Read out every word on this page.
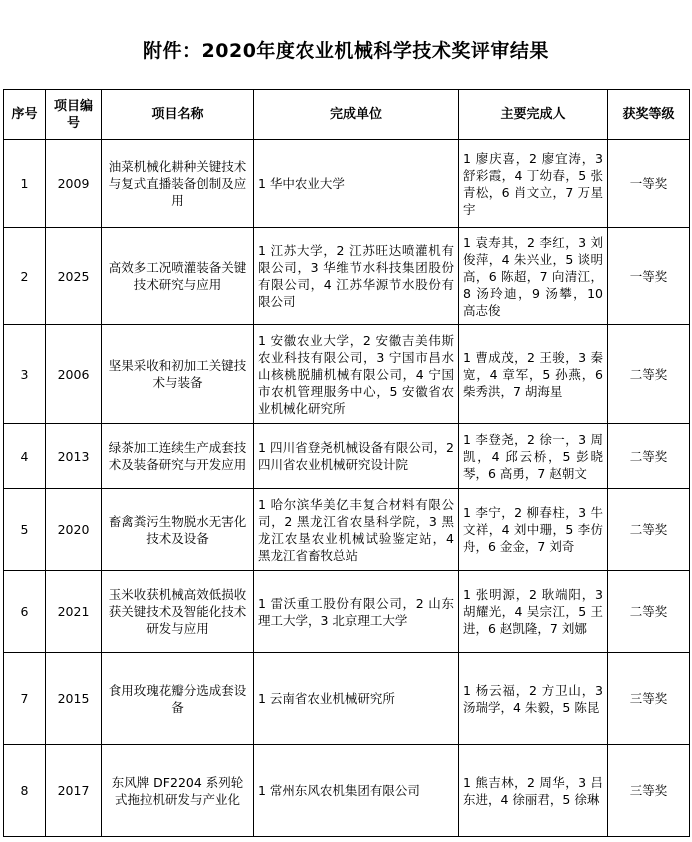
附件：2020年度农业机械科学技术奖评审结果
序号	项目编号	项目名称	完成单位	主要完成人	获奖等级
1	2009	油菜机械化耕种关键技术与复式直播装备创制及应用	1 华中农业大学	1 廖庆喜，2 廖宜涛，3 舒彩霞，4 丁幼春，5 张青松，6 肖文立，7 万星宇	一等奖
2	2025	高效多工况喷灌装备关键技术研究与应用	1 江苏大学，2 江苏旺达喷灌机有限公司，3 华维节水科技集团股份有限公司，4 江苏华源节水股份有限公司	1 袁寿其，2 李红，3 刘俊萍，4 朱兴业，5 谈明高，6 陈超，7 向清江，8 汤玲迪，9 汤攀，10 高志俊	一等奖
3	2006	坚果采收和初加工关键技术与装备	1 安徽农业大学，2 安徽吉美伟斯农业科技有限公司，3 宁国市昌水山核桃脱脯机械有限公司，4 宁国市农机管理服务中心，5 安徽省农业机械化研究所	1 曹成茂，2 王骏，3 秦宽，4 章军，5 孙燕，6 柴秀洪，7 胡海星	二等奖
4	2013	绿茶加工连续生产成套技术及装备研究与开发应用	1 四川省登尧机械设备有限公司，2 四川省农业机械研究设计院	1 李登尧，2 徐一，3 周凯，4 邱云桥，5 彭晓琴，6 高勇，7 赵朝文	二等奖
5	2020	畜禽粪污生物脱水无害化技术及设备	1 哈尔滨华美亿丰复合材料有限公司，2 黑龙江省农垦科学院，3 黑龙江农垦农业机械试验鉴定站，4 黑龙江省畜牧总站	1 李宁，2 柳春柱，3 牛文祥，4 刘中珊，5 李仿舟，6 金金，7 刘奇	二等奖
6	2021	玉米收获机械高效低损收获关键技术及智能化技术研发与应用	1 雷沃重工股份有限公司，2 山东理工大学，3 北京理工大学	1 张明源，2 耿端阳，3 胡耀光，4 吴宗江，5 王进，6 赵凯隆，7 刘娜	二等奖
7	2015	食用玫瑰花瓣分选成套设备	1 云南省农业机械研究所	1 杨云福，2 方卫山，3 汤瑞学，4 朱毅，5 陈昆	三等奖
8	2017	东风牌 DF2204 系列轮式拖拉机研发与产业化	1 常州东风农机集团有限公司	1 熊吉林，2 周华，3 吕东进，4 徐丽君，5 徐琳	三等奖
